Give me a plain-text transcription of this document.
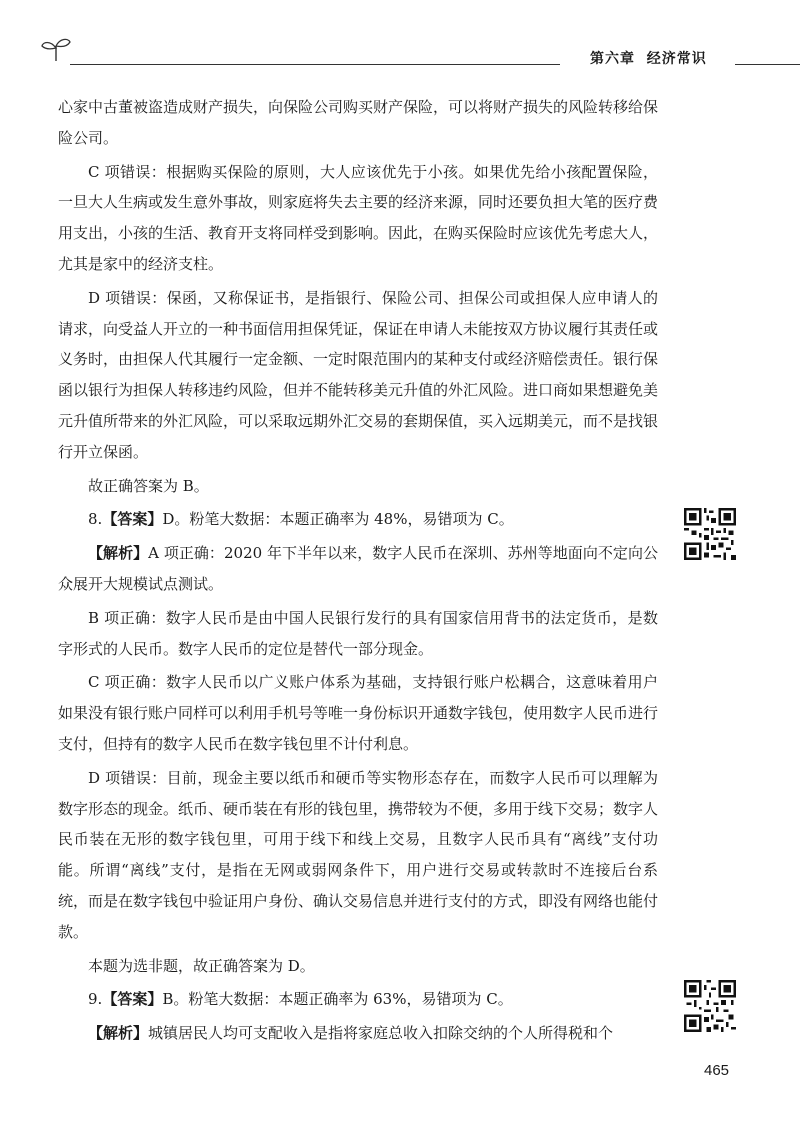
第六章 经济常识

心家中古董被盗造成财产损失，向保险公司购买财产保险，可以将财产损失的风险转移给保险公司。

C 项错误：根据购买保险的原则，大人应该优先于小孩。如果优先给小孩配置保险，一旦大人生病或发生意外事故，则家庭将失去主要的经济来源，同时还要负担大笔的医疗费用支出，小孩的生活、教育开支将同样受到影响。因此，在购买保险时应该优先考虑大人，尤其是家中的经济支柱。

D 项错误：保函，又称保证书，是指银行、保险公司、担保公司或担保人应申请人的请求，向受益人开立的一种书面信用担保凭证，保证在申请人未能按双方协议履行其责任或义务时，由担保人代其履行一定金额、一定时限范围内的某种支付或经济赔偿责任。银行保函以银行为担保人转移违约风险，但并不能转移美元升值的外汇风险。进口商如果想避免美元升值所带来的外汇风险，可以采取远期外汇交易的套期保值，买入远期美元，而不是找银行开立保函。

故正确答案为 B。

8.【答案】D。粉笔大数据：本题正确率为 48%，易错项为 C。

【解析】A 项正确：2020 年下半年以来，数字人民币在深圳、苏州等地面向不定向公众展开大规模试点测试。

B 项正确：数字人民币是由中国人民银行发行的具有国家信用背书的法定货币，是数字形式的人民币。数字人民币的定位是替代一部分现金。

C 项正确：数字人民币以广义账户体系为基础，支持银行账户松耦合，这意味着用户如果没有银行账户同样可以利用手机号等唯一身份标识开通数字钱包，使用数字人民币进行支付，但持有的数字人民币在数字钱包里不计付利息。

D 项错误：目前，现金主要以纸币和硬币等实物形态存在，而数字人民币可以理解为数字形态的现金。纸币、硬币装在有形的钱包里，携带较为不便，多用于线下交易；数字人民币装在无形的数字钱包里，可用于线下和线上交易，且数字人民币具有“离线”支付功能。所谓“离线”支付，是指在无网或弱网条件下，用户进行交易或转款时不连接后台系统，而是在数字钱包中验证用户身份、确认交易信息并进行支付的方式，即没有网络也能付款。

本题为选非题，故正确答案为 D。

9.【答案】B。粉笔大数据：本题正确率为 63%，易错项为 C。

【解析】城镇居民人均可支配收入是指将家庭总收入扣除交纳的个人所得税和个

465
